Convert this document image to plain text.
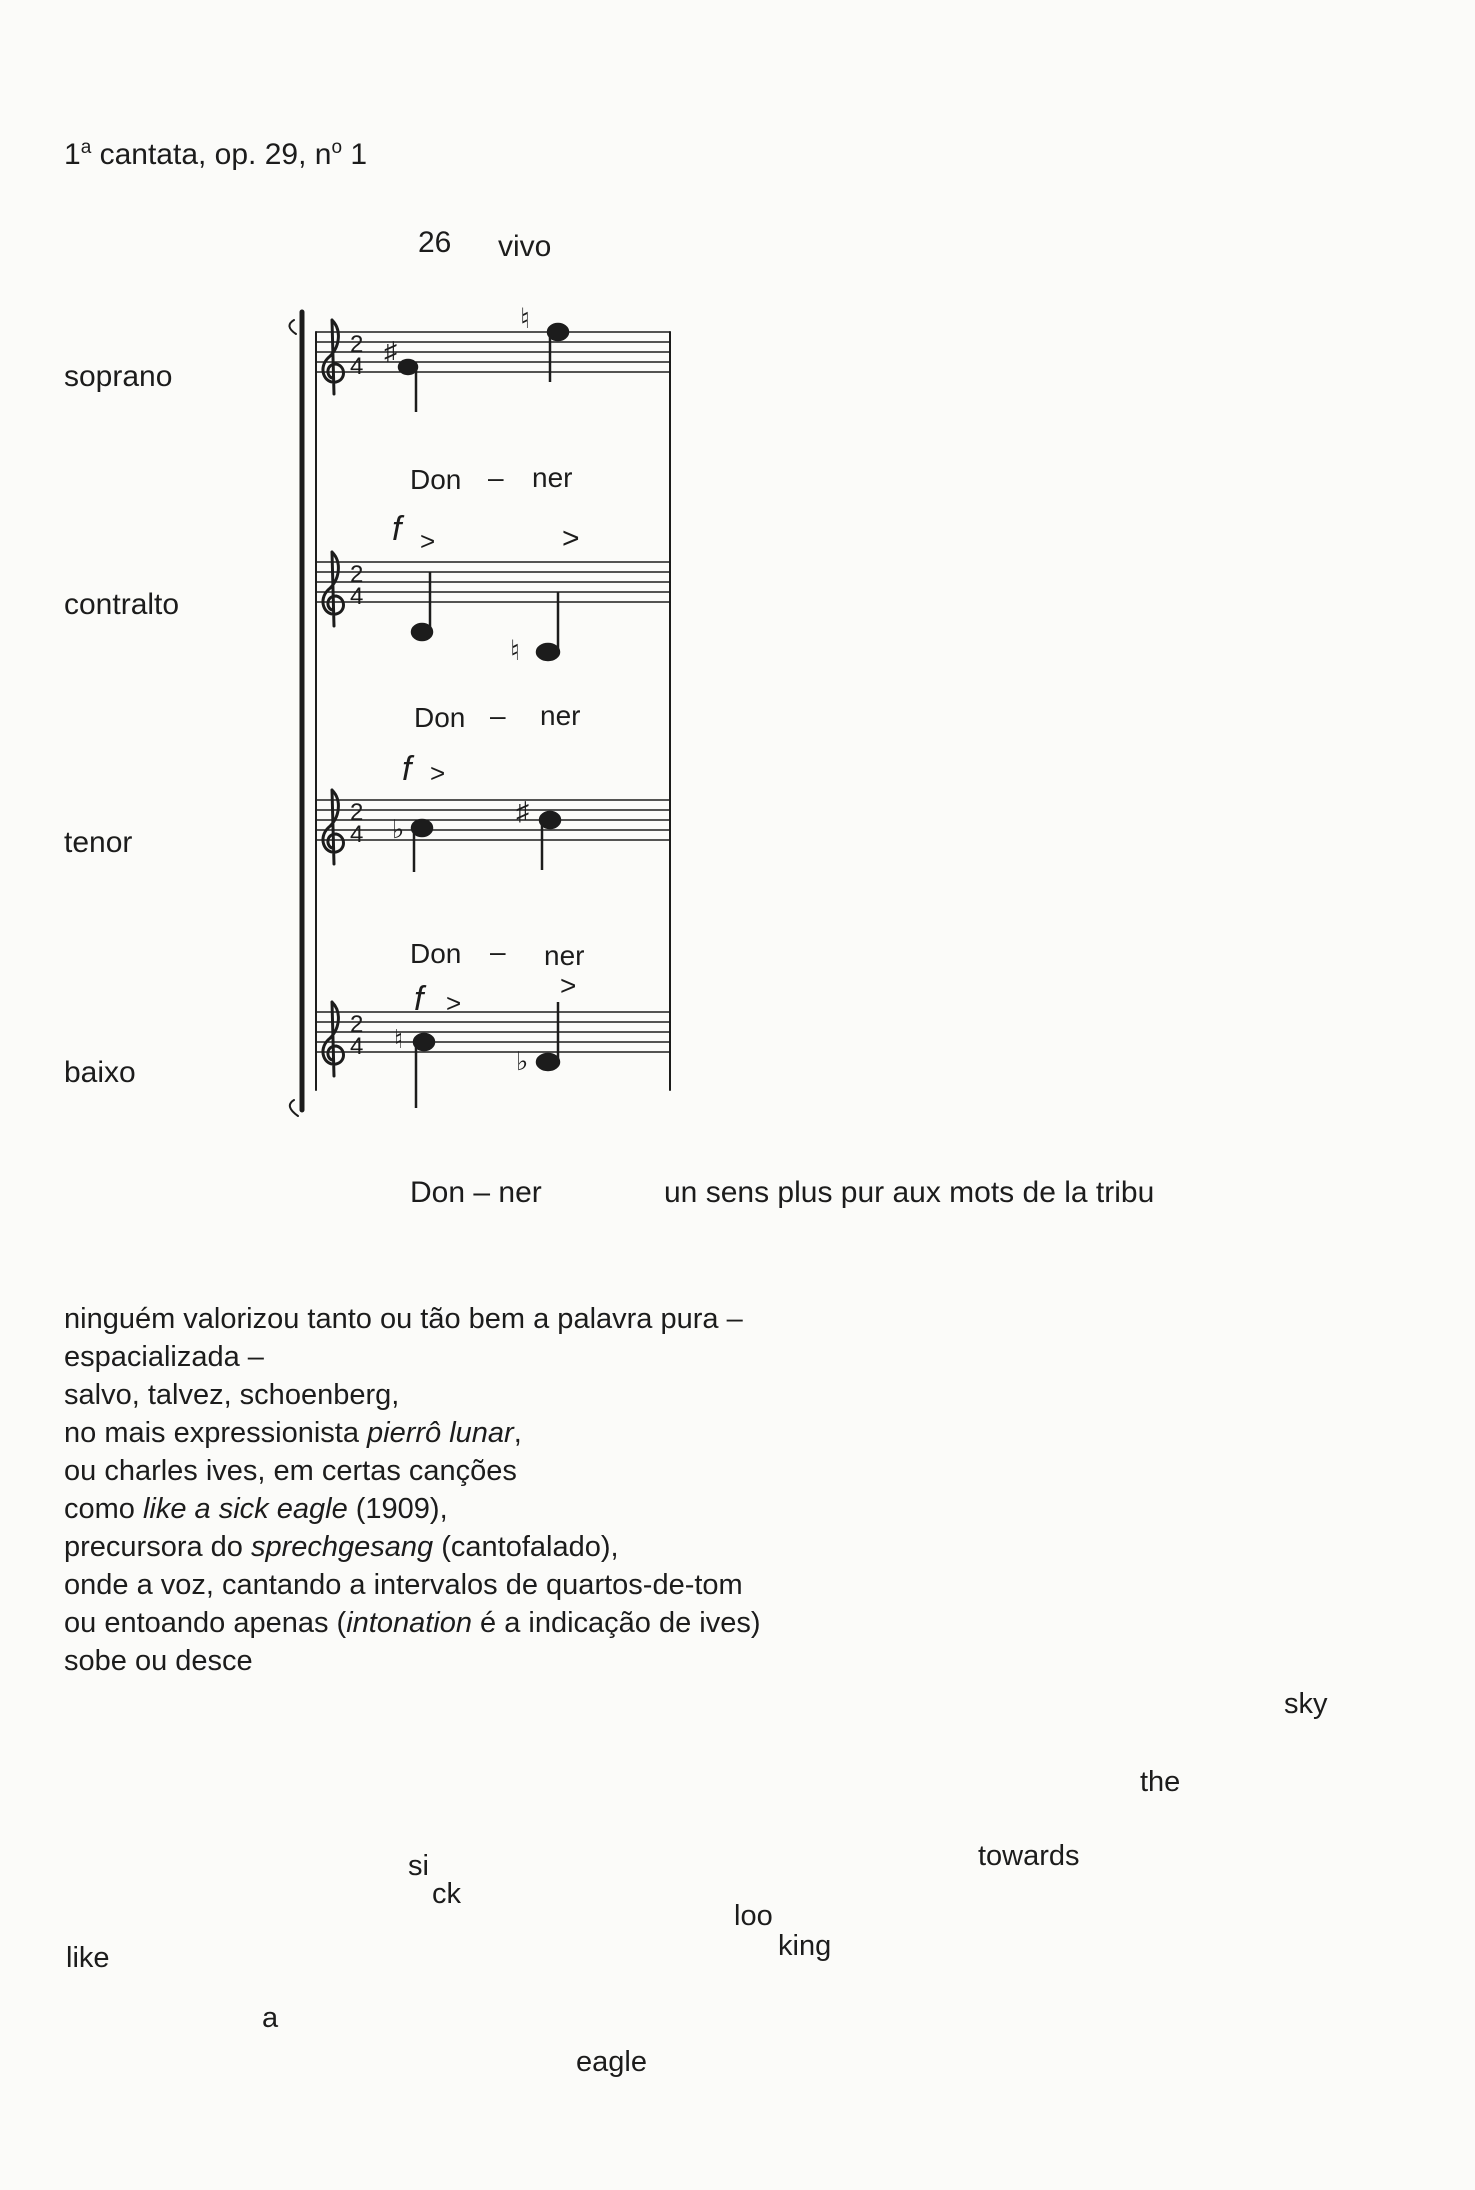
1$^a$ cantata, op. 29, $n^o$ 1
26 vivo
soprano
contralto
tenor
baixo
2
4
2
4
2
4
2
4
♯
♮
♮
♭
♯
♮
♭
Don – ner
Don – ner
Don – ner
Don – ner
f >	>
f >
f >
>
un sens plus pur aux mots de la tribu
ninguém valorizou tanto ou tão bem a palavra pura –
espacializada –
salvo, talvez, schoenberg,
no mais expressionista pierrô lunar,
ou charles ives, em certas canções
como like a sick eagle (1909),
precursora do sprechgesang (cantofalado),
onde a voz, cantando a intervalos de quartos-de-tom
ou entoando apenas (intonation é a indicação de ives)
sobe ou desce
sky
the
towards
si
ck
loo
king
like
a
eagle
